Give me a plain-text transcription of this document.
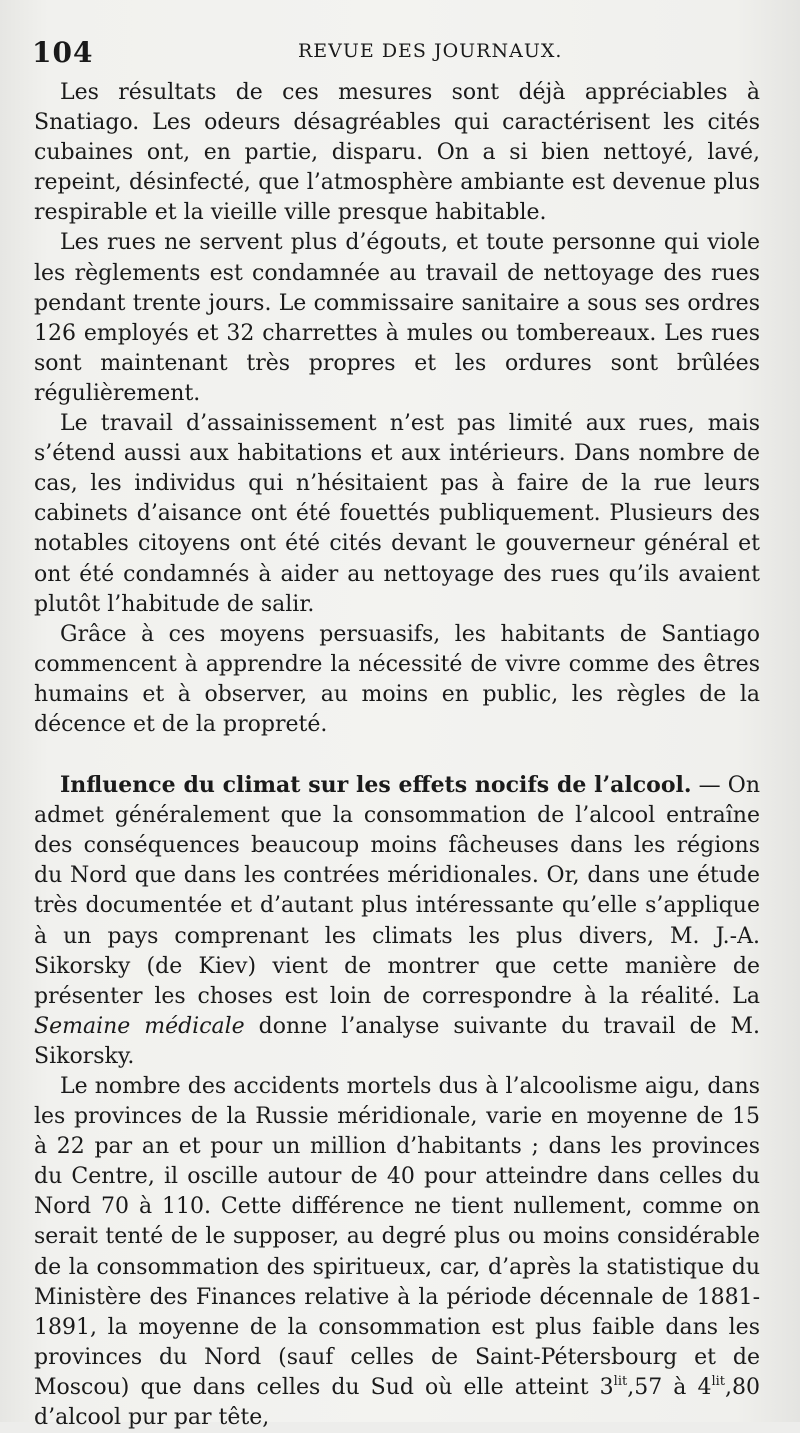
104	REVUE DES JOURNAUX.

Les résultats de ces mesures sont déjà appréciables à Snatiago. Les odeurs désagréables qui caractérisent les cités cubaines ont, en partie, disparu. On a si bien nettoyé, lavé, repeint, désinfecté, que l’atmosphère ambiante est devenue plus respirable et la vieille ville presque habitable.

Les rues ne servent plus d’égouts, et toute personne qui viole les règlements est condamnée au travail de nettoyage des rues pendant trente jours. Le commissaire sanitaire a sous ses ordres 126 employés et 32 charrettes à mules ou tombereaux. Les rues sont maintenant très propres et les ordures sont brûlées régulièrement.

Le travail d’assainissement n’est pas limité aux rues, mais s’étend aussi aux habitations et aux intérieurs. Dans nombre de cas, les individus qui n’hésitaient pas à faire de la rue leurs cabinets d’aisance ont été fouettés publiquement. Plusieurs des notables citoyens ont été cités devant le gouverneur général et ont été condamnés à aider au nettoyage des rues qu’ils avaient plutôt l’habitude de salir.

Grâce à ces moyens persuasifs, les habitants de Santiago commencent à apprendre la nécessité de vivre comme des êtres humains et à observer, au moins en public, les règles de la décence et de la propreté.

Influence du climat sur les effets nocifs de l’alcool. — On admet généralement que la consommation de l’alcool entraîne des conséquences beaucoup moins fâcheuses dans les régions du Nord que dans les contrées méridionales. Or, dans une étude très documentée et d’autant plus intéressante qu’elle s’applique à un pays comprenant les climats les plus divers, M. J.-A. Sikorsky (de Kiev) vient de montrer que cette manière de présenter les choses est loin de correspondre à la réalité. La Semaine médicale donne l’analyse suivante du travail de M. Sikorsky.

Le nombre des accidents mortels dus à l’alcoolisme aigu, dans les provinces de la Russie méridionale, varie en moyenne de 15 à 22 par an et pour un million d’habitants ; dans les provinces du Centre, il oscille autour de 40 pour atteindre dans celles du Nord 70 à 110. Cette différence ne tient nullement, comme on serait tenté de le supposer, au degré plus ou moins considérable de la consommation des spiritueux, car, d’après la statistique du Ministère des Finances relative à la période décennale de 1881-1891, la moyenne de la consommation est plus faible dans les provinces du Nord (sauf celles de Saint-Pétersbourg et de Moscou) que dans celles du Sud où elle atteint $3^{lit},57$ à $4^{lit},80$ d’alcool pur par tête,
